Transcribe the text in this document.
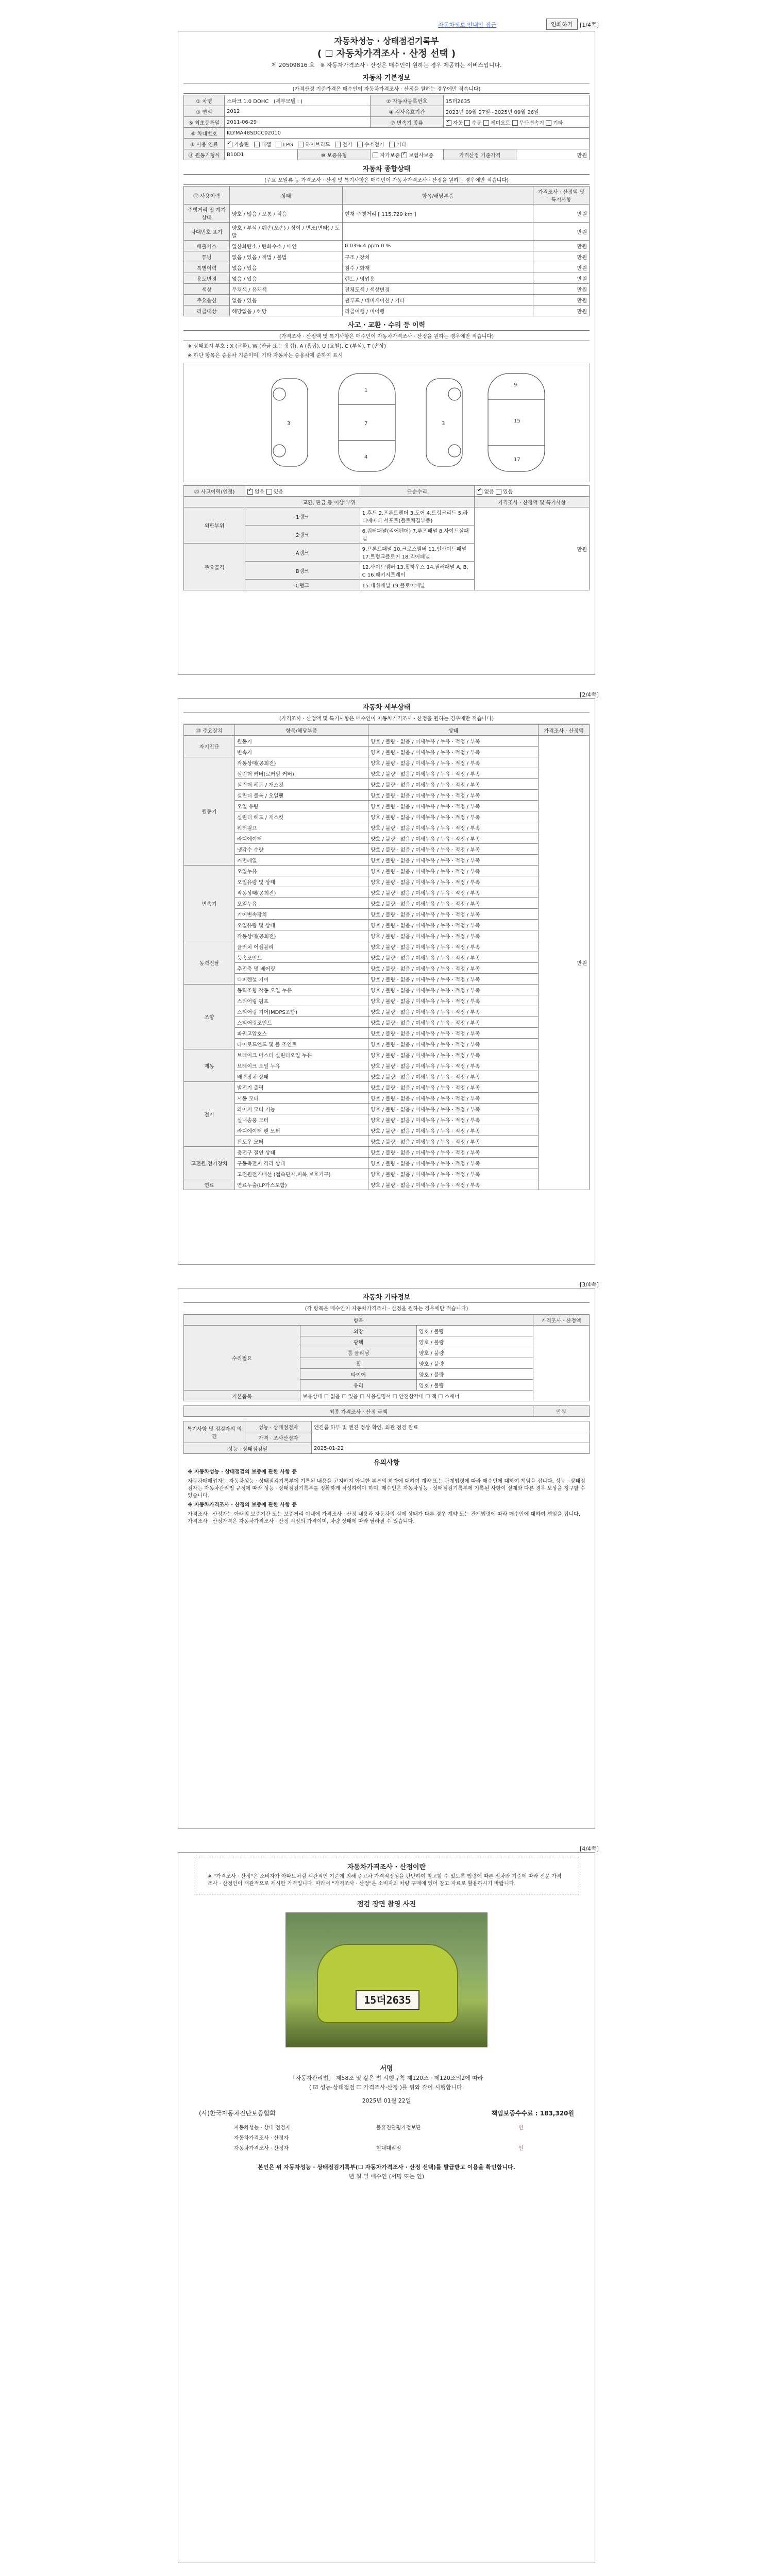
자동차정보 안내안 접근	인쇄하기	[1/4쪽]
자동차성능 · 상태점검기록부
( ☐ 자동차가격조사 · 산정 선택 )
제 20509816 호 ※ 자동차가격조사 · 산정은 매수인이 원하는 경우 제공하는 서비스입니다.
자동차 기본정보
(가격산정 기준가격은 매수인이 자동차가격조사 · 산정을 원하는 경우에만 적습니다)
① 차명	스파크 1.0 DOHC (세부모델 : )		② 자동차등록번호	15더2635	
③ 연식	2012		④ 검사유효기간	2023년 09월 27일~2025년 09월 26일	
⑤ 최초등록일	2011-06-29		⑦ 변속기 종류	✓자동 수동 세미오토 무단변속기 기타
⑥ 차대번호	KLYMA48SDCC02010				
⑧ 사용 연료	✓가솔린 디젤 LPG 하이브리드 전기 수소전기 기타
⑪ 원동기형식	B10D1	⑩ 보증유형	자가보증 ✓ 보험사보증	가격산정 기준가격	만원
자동차 종합상태
(주요 오일류 등 가격조사 · 산정 및 특기사항은 매수인이 자동차가격조사 · 산정을 원하는 경우에만 적습니다)
⑫ 사용이력	상태	항목/해당부품	가격조사 · 산정액 및 특기사항
주행거리 및 계기상태	양호 / 많음 / 보통 / 적음	현재 주행거리 [ 115,729 km ]	만원
차대번호 표기	양호 / 부식 / 훼손(오손) / 상이 / 변조(변타) / 도말		만원
배출가스	일산화탄소 / 탄화수소 / 매연	0.03% 4 ppm 0 %	만원
튜닝	없음 / 있음 / 적법 / 불법	구조 / 장치	만원
특별이력	없음 / 있음	침수 / 화재	만원
용도변경	없음 / 있음	렌트 / 영업용	만원
색상	무채색 / 유채색	전체도색 / 색상변경	만원
주요옵션	없음 / 있음	썬루프 / 네비게이션 / 기타	만원
리콜대상	해당없음 / 해당	리콜이행 / 미이행	만원
사고 · 교환 · 수리 등 이력
(가격조사 · 산정액 및 특기사항은 매수인이 자동차가격조사 · 산정을 원하는 경우에만 적습니다)
※ 상태표시 부호 : X (교환), W (판금 또는 용접), A (흠집), U (요철), C (부식), T (손상)
※ 하단 항목은 승용차 기준이며, 기타 자동차는 승용차에 준하여 표시
1
7
4
3	3
9
15
17
⑳ 사고이력(인정)	✓없음 있음	단순수리	✓없음 있음
교환, 판금 등 이상 부위			가격조사 · 산정액 및 특기사항
외판부위	1랭크	1.후드 2.프론트펜더 3.도어 4.트렁크리드 5.라디에이터 서포트(볼트체결부품)	만원
	2랭크	6.쿼터패널(리어펜더) 7.루프패널 8.사이드실패널	
주요골격	A랭크	9.프론트패널 10.크로스멤버 11.인사이드패널 17.트렁크플로어 18.리어패널	
	B랭크	12.사이드멤버 13.휠하우스 14.필러패널 A, B, C 16.패키지트레이	
	C랭크	15.대쉬패널 19.플로어패널	
[2/4쪽]
자동차 세부상태
(가격조사 · 산정액 및 특기사항은 매수인이 자동차가격조사 · 산정을 원하는 경우에만 적습니다)
㉓ 주요장치	항목/해당부품	상태	가격조사 · 산정액
자기진단	원동기	양호 / 불량 · 없음 / 미세누유 / 누유 · 적정 / 부족	만원
	변속기	양호 / 불량 · 없음 / 미세누유 / 누유 · 적정 / 부족	
원동기	작동상태(공회전)	양호 / 불량 · 없음 / 미세누유 / 누유 · 적정 / 부족	
	실린더 커버(로커암 커버)	양호 / 불량 · 없음 / 미세누유 / 누유 · 적정 / 부족	
	실린더 헤드 / 개스킷	양호 / 불량 · 없음 / 미세누유 / 누유 · 적정 / 부족	
	실린더 블록 / 오일팬	양호 / 불량 · 없음 / 미세누유 / 누유 · 적정 / 부족	
	오일 유량	양호 / 불량 · 없음 / 미세누유 / 누유 · 적정 / 부족	
	실린더 헤드 / 개스킷	양호 / 불량 · 없음 / 미세누유 / 누유 · 적정 / 부족	
	워터펌프	양호 / 불량 · 없음 / 미세누유 / 누유 · 적정 / 부족	
	라디에이터	양호 / 불량 · 없음 / 미세누유 / 누유 · 적정 / 부족	
	냉각수 수량	양호 / 불량 · 없음 / 미세누유 / 누유 · 적정 / 부족	
	커먼레일	양호 / 불량 · 없음 / 미세누유 / 누유 · 적정 / 부족	
변속기	오일누유	양호 / 불량 · 없음 / 미세누유 / 누유 · 적정 / 부족	
	오일유량 및 상태	양호 / 불량 · 없음 / 미세누유 / 누유 · 적정 / 부족	
	작동상태(공회전)	양호 / 불량 · 없음 / 미세누유 / 누유 · 적정 / 부족	
	오일누유	양호 / 불량 · 없음 / 미세누유 / 누유 · 적정 / 부족	
	기어변속장치	양호 / 불량 · 없음 / 미세누유 / 누유 · 적정 / 부족	
	오일유량 및 상태	양호 / 불량 · 없음 / 미세누유 / 누유 · 적정 / 부족	
	작동상태(공회전)	양호 / 불량 · 없음 / 미세누유 / 누유 · 적정 / 부족	
동력전달	클러치 어셈블리	양호 / 불량 · 없음 / 미세누유 / 누유 · 적정 / 부족	
	등속조인트	양호 / 불량 · 없음 / 미세누유 / 누유 · 적정 / 부족	
	추진축 및 베어링	양호 / 불량 · 없음 / 미세누유 / 누유 · 적정 / 부족	
	디퍼렌셜 기어	양호 / 불량 · 없음 / 미세누유 / 누유 · 적정 / 부족	
조향	동력조향 작동 오일 누유	양호 / 불량 · 없음 / 미세누유 / 누유 · 적정 / 부족	
	스티어링 펌프	양호 / 불량 · 없음 / 미세누유 / 누유 · 적정 / 부족	
	스티어링 기어(MDPS포함)	양호 / 불량 · 없음 / 미세누유 / 누유 · 적정 / 부족	
	스티어링조인트	양호 / 불량 · 없음 / 미세누유 / 누유 · 적정 / 부족	
	파워고압호스	양호 / 불량 · 없음 / 미세누유 / 누유 · 적정 / 부족	
	타이로드엔드 및 볼 조인트	양호 / 불량 · 없음 / 미세누유 / 누유 · 적정 / 부족	
제동	브레이크 마스터 실린더오일 누유	양호 / 불량 · 없음 / 미세누유 / 누유 · 적정 / 부족	
	브레이크 오일 누유	양호 / 불량 · 없음 / 미세누유 / 누유 · 적정 / 부족	
	배력장치 상태	양호 / 불량 · 없음 / 미세누유 / 누유 · 적정 / 부족	
전기	발전기 출력	양호 / 불량 · 없음 / 미세누유 / 누유 · 적정 / 부족	
	시동 모터	양호 / 불량 · 없음 / 미세누유 / 누유 · 적정 / 부족	
	와이퍼 모터 기능	양호 / 불량 · 없음 / 미세누유 / 누유 · 적정 / 부족	
	실내송풍 모터	양호 / 불량 · 없음 / 미세누유 / 누유 · 적정 / 부족	
	라디에이터 팬 모터	양호 / 불량 · 없음 / 미세누유 / 누유 · 적정 / 부족	
	윈도우 모터	양호 / 불량 · 없음 / 미세누유 / 누유 · 적정 / 부족	
고전원 전기장치	충전구 절연 상태	양호 / 불량 · 없음 / 미세누유 / 누유 · 적정 / 부족	
	구동축전지 격리 상태	양호 / 불량 · 없음 / 미세누유 / 누유 · 적정 / 부족	
	고전원전기배선 (접속단자,피복,보호기구)	양호 / 불량 · 없음 / 미세누유 / 누유 · 적정 / 부족	
연료	연료누출(LP가스포함)	양호 / 불량 · 없음 / 미세누유 / 누유 · 적정 / 부족	
[3/4쪽]
자동차 기타정보
(각 항목은 매수인이 자동차가격조사 · 산정을 원하는 경우에만 적습니다)
항목			가격조사 · 산정액
수리필요	외장	양호 / 불량	
	광택	양호 / 불량	
	룸 클리닝	양호 / 불량	
	휠	양호 / 불량	
	타이어	양호 / 불량	
	유리	양호 / 불량	
기본품목	보유상태 ☐ 없음 ☐ 있음 ☐ 사용설명서 ☐ 안전삼각대 ☐ 잭 ☐ 스패너		
최종 가격조사 · 산정 금액	만원
특기사항 및 점검자의 의견	성능 · 상태점검자	엔진룸 하부 및 엔진 정상 확인. 외관 점검 완료
	가격 · 조사산정자	
성능 · 상태점검일		2025-01-22
유의사항
※ 자동차성능 · 상태점검의 보증에 관한 사항 등
자동차매매업자는 자동차성능 · 상태점검기록부에 기록된 내용을 고지하지 아니한 부분의 하자에 대하여 계약 또는 관계법령에 따라 매수인에 대하여 책임을 집니다. 성능 · 상태점검자는 자동차관리법 규정에 따라 성능 · 상태점검기록부를 정확하게 작성하여야 하며, 매수인은 자동차성능 · 상태점검기록부에 기록된 사항이 실제와 다른 경우 보상을 청구할 수 있습니다.
※ 자동차가격조사 · 산정의 보증에 관한 사항 등
가격조사 · 산정자는 아래의 보증기간 또는 보증거리 이내에 가격조사 · 산정 내용과 자동차의 실제 상태가 다른 경우 계약 또는 관계법령에 따라 매수인에 대하여 책임을 집니다. 가격조사 · 산정가격은 자동차가격조사 · 산정 시점의 가격이며, 차량 상태에 따라 달라질 수 있습니다.
[4/4쪽]
자동차가격조사 · 산정이란
※ "가격조사 · 산정"은 소비자가 아파트처럼 객관적인 기준에 의해 중고차 가격적정성을 판단하여 참고할 수 있도록 법령에 따른 절차와 기준에 따라 전문 가격조사 · 산정인이 객관적으로 제시한 가격입니다. 따라서 "가격조사 · 산정"은 소비자의 차량 구매에 있어 참고 자료로 활용하시기 바랍니다.
점검 장면 촬영 사진
15더2635
서명
「자동차관리법」 제58조 및 같은 법 시행규칙 제120조 · 제120조의2에 따라
( ☑ 성능·상태점검 ☐ 가격조사·산정 )를 위와 같이 시행합니다.
2025년 01월 22일
(사)한국자동차진단보증협회	책임보증수수료 : 183,320원
자동차성능 · 상태 점검자	불휴진단평가정보단	인
자동차가격조사 · 산정자		
자동차가격조사 · 산정자	현대대리점	인
본인은 위 자동차성능 · 상태점검기록부(☐ 자동차가격조사 · 산정 선택)를 발급받고 이용을 확인합니다.
년 월 일 매수인 (서명 또는 인)
